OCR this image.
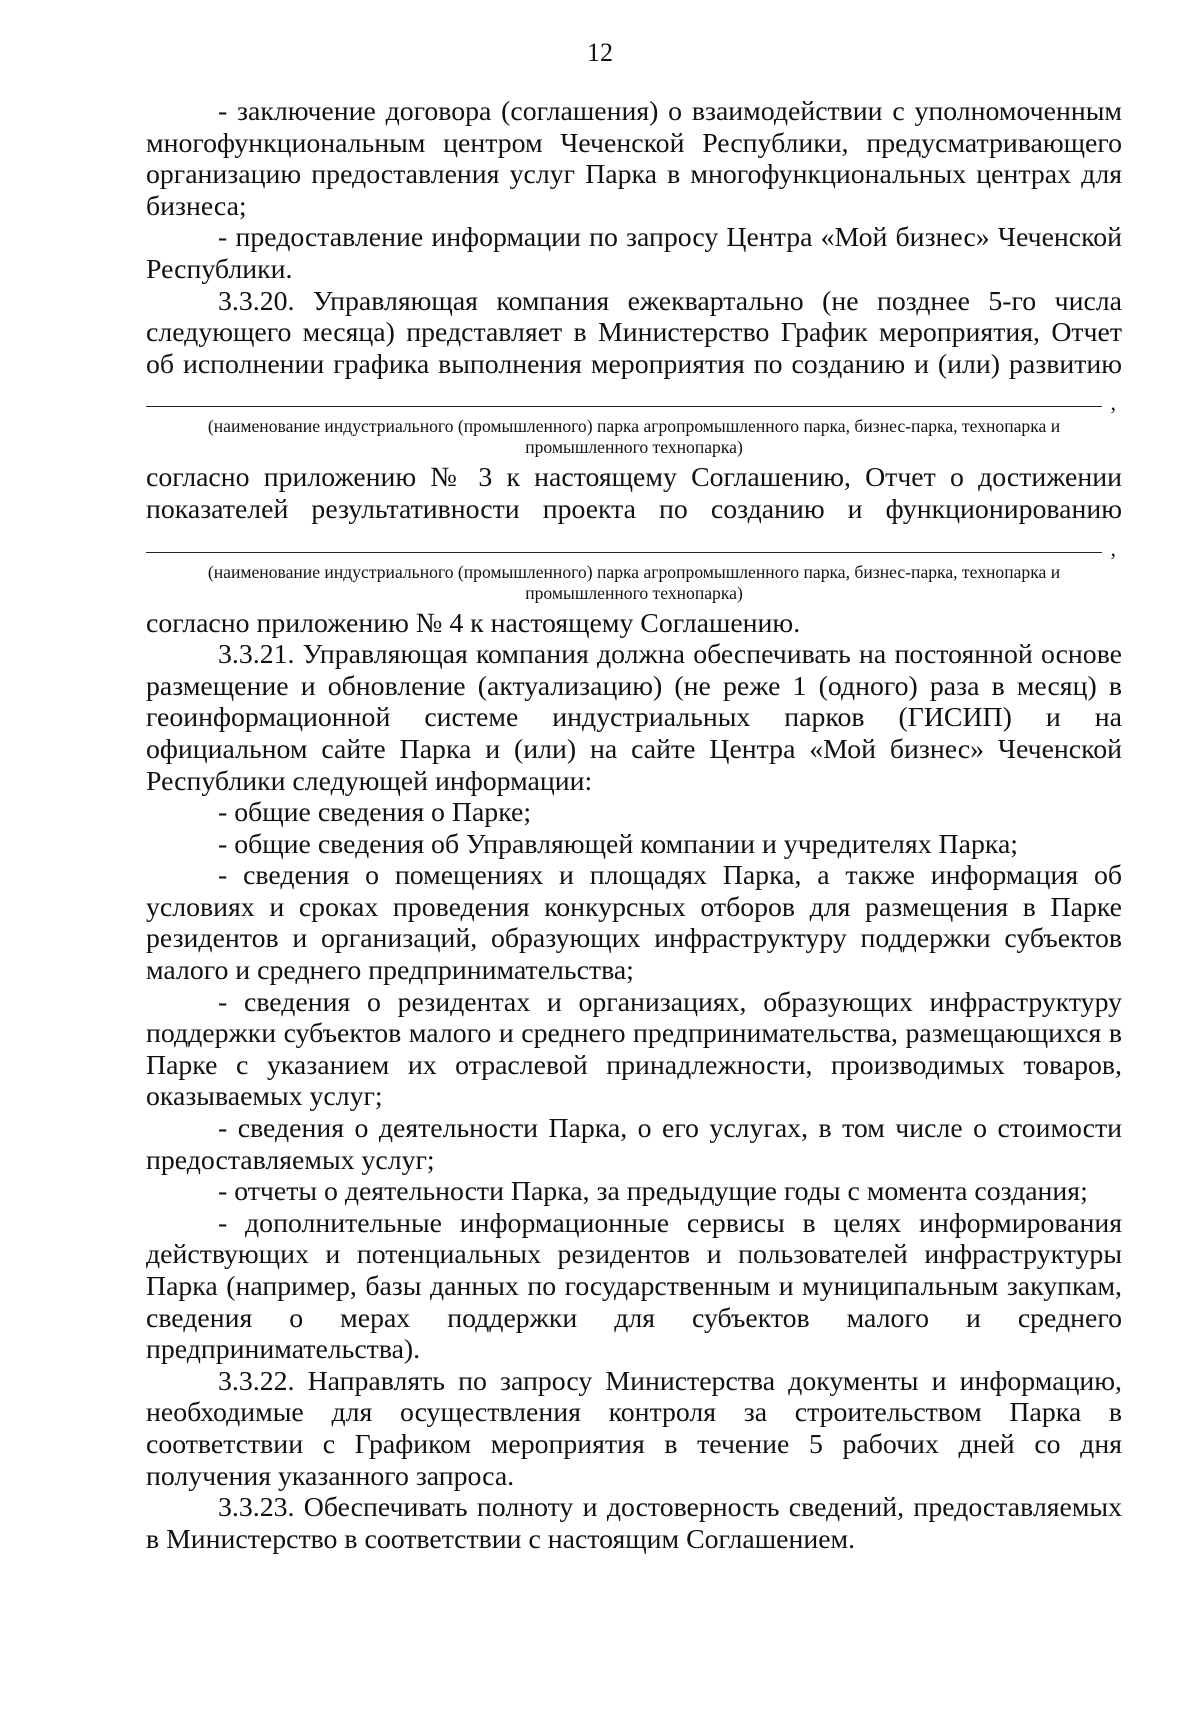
12

- заключение договора (соглашения) о взаимодействии с уполномоченным многофункциональным центром Чеченской Республики, предусматривающего организацию предоставления услуг Парка в многофункциональных центрах для бизнеса;

- предоставление информации по запросу Центра «Мой бизнес» Чеченской Республики.

3.3.20. Управляющая компания ежеквартально (не позднее 5-го числа следующего месяца) представляет в Министерство График мероприятия, Отчет об исполнении графика выполнения мероприятия по созданию и (или) развитию

,

(наименование индустриального (промышленного) парка агропромышленного парка, бизнес-парка, технопарка и промышленного технопарка)

согласно приложению № 3 к настоящему Соглашению, Отчет о достижении показателей результативности проекта по созданию и функционированию

,

(наименование индустриального (промышленного) парка агропромышленного парка, бизнес-парка, технопарка и промышленного технопарка)

согласно приложению № 4 к настоящему Соглашению.

3.3.21. Управляющая компания должна обеспечивать на постоянной основе размещение и обновление (актуализацию) (не реже 1 (одного) раза в месяц) в геоинформационной системе индустриальных парков (ГИСИП) и на официальном сайте Парка и (или) на сайте Центра «Мой бизнес» Чеченской Республики следующей информации:

- общие сведения о Парке;

- общие сведения об Управляющей компании и учредителях Парка;

- сведения о помещениях и площадях Парка, а также информация об условиях и сроках проведения конкурсных отборов для размещения в Парке резидентов и организаций, образующих инфраструктуру поддержки субъектов малого и среднего предпринимательства;

- сведения о резидентах и организациях, образующих инфраструктуру поддержки субъектов малого и среднего предпринимательства, размещающихся в Парке с указанием их отраслевой принадлежности, производимых товаров, оказываемых услуг;

- сведения о деятельности Парка, о его услугах, в том числе о стоимости предоставляемых услуг;

- отчеты о деятельности Парка, за предыдущие годы с момента создания;

- дополнительные информационные сервисы в целях информирования действующих и потенциальных резидентов и пользователей инфраструктуры Парка (например, базы данных по государственным и муниципальным закупкам, сведения о мерах поддержки для субъектов малого и среднего предпринимательства).

3.3.22. Направлять по запросу Министерства документы и информацию, необходимые для осуществления контроля за строительством Парка в соответствии с Графиком мероприятия в течение 5 рабочих дней со дня получения указанного запроса.

3.3.23. Обеспечивать полноту и достоверность сведений, предоставляемых в Министерство в соответствии с настоящим Соглашением.
